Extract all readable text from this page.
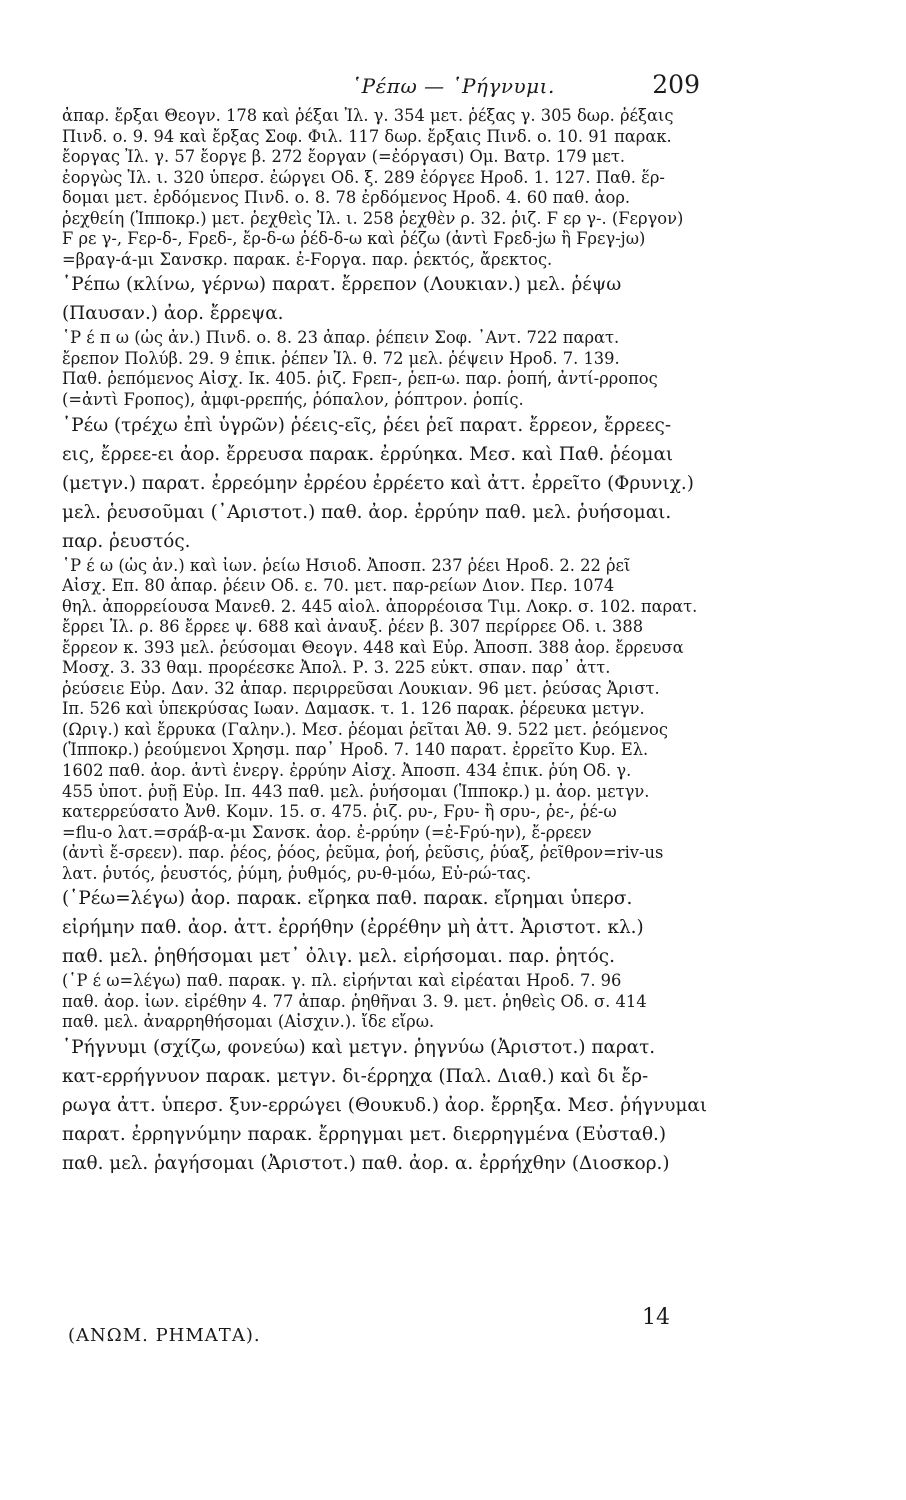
῾Ρέπω — ῾Ρήγνυμι.	209
ἀπαρ. ἔρξαι Θεογν. 178 καὶ ῥέξαι Ἰλ. γ. 354 μετ. ῥέξας γ. 305 δωρ. ῥέξαις
Πινδ. ο. 9. 94 καὶ ἔρξας Σοφ. Φιλ. 117 δωρ. ἔρξαις Πινδ. ο. 10. 91 παρακ.
ἔοργας Ἰλ. γ. 57 ἔοργε β. 272 ἔοργαν (=ἐόργασι) Ομ. Βατρ. 179 μετ.
ἐοργὼς Ἰλ. ι. 320 ὑπερσ. ἐώργει Οδ. ξ. 289 ἐόργεε Ηροδ. 1. 127. Παθ. ἕρ-
δομαι μετ. ἐρδόμενος Πινδ. ο. 8. 78 ἐρδόμενος Ηροδ. 4. 60 παθ. ἀορ.
ῥεχθείη (Ἱπποκρ.) μετ. ῥεχθεὶς Ἰλ. ι. 258 ῥεχθὲν ρ. 32. ῥιζ. Ϝ ερ γ-. (Ϝεργον)
Ϝ ρε γ-, Ϝερ-δ-, Ϝρεδ-, ἔρ-δ-ω ῥέδ-δ-ω καὶ ῥέζω (ἀντὶ Ϝρεδ-jω ἢ Ϝρεγ-jω)
=βραγ-ά-μι Σανσκρ. παρακ. ἐ-Ϝοργα. παρ. ῥεκτός, ἄρεκτος.
῾Ρέπω (κλίνω, γέρνω) παρατ. ἔρρεπον (Λουκιαν.) μελ. ῥέψω
(Παυσαν.) ἀορ. ἔρρεψα.
῾Ρ έ π ω (ὡς ἀν.) Πινδ. ο. 8. 23 ἀπαρ. ῥέπειν Σοφ. ᾿Αντ. 722 παρατ.
ἔρεπον Πολύβ. 29. 9 ἐπικ. ῥέπεν Ἰλ. θ. 72 μελ. ῥέψειν Ηροδ. 7. 139.
Παθ. ῥεπόμενος Αἰσχ. Ικ. 405. ῥιζ. Ϝρεπ-, ῥεπ-ω. παρ. ῥοπή, ἀντί-ρροπος
(=ἀντὶ Ϝροπος), ἀμφι-ρρεπής, ῥόπαλον, ῥόπτρον. ῥοπίς.
῾Ρέω (τρέχω ἐπὶ ὑγρῶν) ῥέεις-εῖς, ῥέει ῥεῖ παρατ. ἔρρεον, ἔρρεες-
εις, ἔρρεε-ει ἀορ. ἔρρευσα παρακ. ἐρρύηκα. Μεσ. καὶ Παθ. ῥέομαι
(μετγν.) παρατ. ἐρρεόμην ἐρρέου ἐρρέετο καὶ ἀττ. ἐρρεῖτο (Φρυνιχ.)
μελ. ῥευσοῦμαι (᾿Αριστοτ.) παθ. ἀορ. ἐρρύην παθ. μελ. ῥυήσομαι.
παρ. ῥευστός.
῾Ρ έ ω (ὡς ἀν.) καὶ ἰων. ῥείω Ησιοδ. Ἀποσπ. 237 ῥέει Ηροδ. 2. 22 ῥεῖ
Αἰσχ. Επ. 80 ἀπαρ. ῥέειν Οδ. ε. 70. μετ. παρ-ρείων Διον. Περ. 1074
θηλ. ἀπορρείουσα Μανεθ. 2. 445 αἰολ. ἀπορρέοισα Τιμ. Λοκρ. σ. 102. παρατ.
ἔρρει Ἰλ. ρ. 86 ἔρρεε ψ. 688 καὶ ἀναυξ. ῥέεν β. 307 περίρρεε Οδ. ι. 388
ἔρρεον κ. 393 μελ. ῥεύσομαι Θεογν. 448 καὶ Εὐρ. Ἀποσπ. 388 ἀορ. ἔρρευσα
Μοσχ. 3. 33 θαμ. προρέεσκε Ἀπολ. Ρ. 3. 225 εὐκτ. σπαν. παρ᾿ ἀττ.
ῥεύσειε Εὐρ. Δαν. 32 ἀπαρ. περιρρεῦσαι Λουκιαν. 96 μετ. ῥεύσας Ἀριστ.
Ιπ. 526 καὶ ὑπεκρύσας Ιωαν. Δαμασκ. τ. 1. 126 παρακ. ῥέρευκα μετγν.
(Ωριγ.) καὶ ἔρρυκα (Γαλην.). Μεσ. ῥέομαι ῥεῖται Ἀθ. 9. 522 μετ. ῥεόμενος
(Ἱπποκρ.) ῥεούμενοι Χρησμ. παρ᾿ Ηροδ. 7. 140 παρατ. ἐρρεῖτο Κυρ. Ελ.
1602 παθ. ἀορ. ἀντὶ ἐνεργ. ἐρρύην Αἰσχ. Ἀποσπ. 434 ἐπικ. ῥύη Οδ. γ.
455 ὑποτ. ῥυῇ Εὐρ. Ιπ. 443 παθ. μελ. ῥυήσομαι (Ἱπποκρ.) μ. ἀορ. μετγν.
κατερρεύσατο Ἀνθ. Κομν. 15. σ. 475. ῥιζ. ρυ-, Ϝρυ- ἢ σρυ-, ῥε-, ῥέ-ω
=flu-o λατ.=σράβ-α-μι Σανσκ. ἀορ. ἐ-ρρύην (=ἐ-Ϝρύ-ην), ἔ-ρρεεν
(ἀντὶ ἔ-σρεεν). παρ. ῥέος, ῥόος, ῥεῦμα, ῥοή, ῥεῦσις, ῥύαξ, ῥεῖθρον=riv-us
λατ. ῥυτός, ῥευστός, ῥύμη, ῥυθμός, ρυ-θ-μόω, Εὐ-ρώ-τας.
(῾Ρέω=λέγω) ἀορ. παρακ. εἴρηκα παθ. παρακ. εἴρημαι ὑπερσ.
εἰρήμην παθ. ἀορ. ἀττ. ἐρρήθην (ἐρρέθην μὴ ἀττ. Ἀριστοτ. κλ.)
παθ. μελ. ῥηθήσομαι μετ᾿ ὀλιγ. μελ. εἰρήσομαι. παρ. ῥητός.
(῾Ρ έ ω=λέγω) παθ. παρακ. γ. πλ. εἰρήνται καὶ εἰρέαται Ηροδ. 7. 96
παθ. ἀορ. ἰων. εἰρέθην 4. 77 ἀπαρ. ῥηθῆναι 3. 9. μετ. ῥηθεὶς Οδ. σ. 414
παθ. μελ. ἀναρρηθήσομαι (Αἰσχιν.). ἴδε εἴρω.
῾Ρήγνυμι (σχίζω, φονεύω) καὶ μετγν. ῥηγνύω (Ἀριστοτ.) παρατ.
κατ-ερρήγνυον παρακ. μετγν. δι-έρρηχα (Παλ. Διαθ.) καὶ δι ἔρ-
ρωγα ἀττ. ὑπερσ. ξυν-ερρώγει (Θουκυδ.) ἀορ. ἔρρηξα. Μεσ. ῥήγνυμαι
παρατ. ἐρρηγνύμην παρακ. ἔρρηγμαι μετ. διερρηγμένα (Εὐσταθ.)
παθ. μελ. ῥαγήσομαι (Ἀριστοτ.) παθ. ἀορ. α. ἐρρήχθην (Διοσκορ.)
(ΑΝΩΜ. ΡΗΜΑΤΑ).
14
